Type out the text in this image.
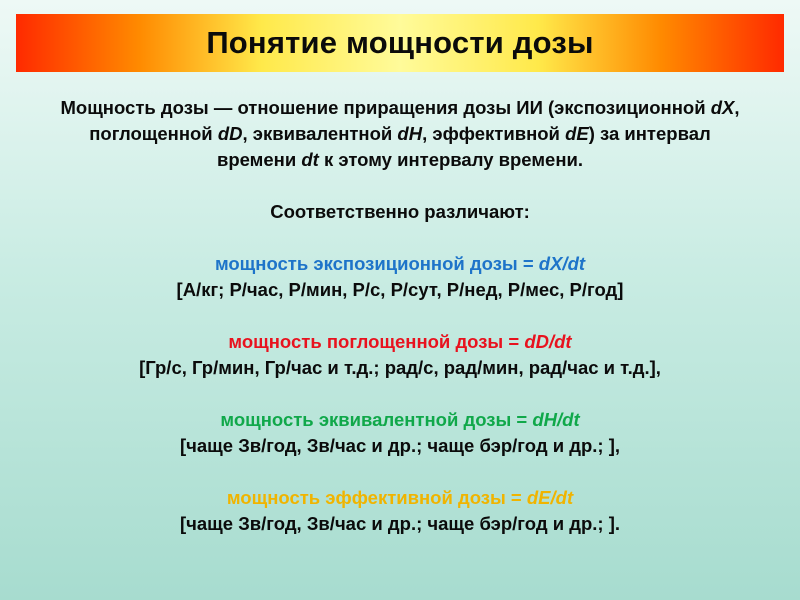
Понятие мощности дозы
Мощность дозы — отношение приращения дозы ИИ (экспозиционной dX,
поглощенной dD, эквивалентной dH, эффективной dE) за интервал
времени dt к этому интервалу времени.
Соответственно различают:
мощность экспозиционной дозы = dX/dt
[А/кг; Р/час, Р/мин, Р/с, Р/сут, Р/нед, Р/мес, Р/год]
мощность поглощенной дозы = dD/dt
[Гр/с, Гр/мин, Гр/час и т.д.; рад/с, рад/мин, рад/час и т.д.],
мощность эквивалентной дозы = dH/dt
[чаще Зв/год, Зв/час и др.; чаще бэр/год и др.; ],
мощность эффективной дозы = dE/dt
[чаще Зв/год, Зв/час и др.; чаще бэр/год и др.; ].
